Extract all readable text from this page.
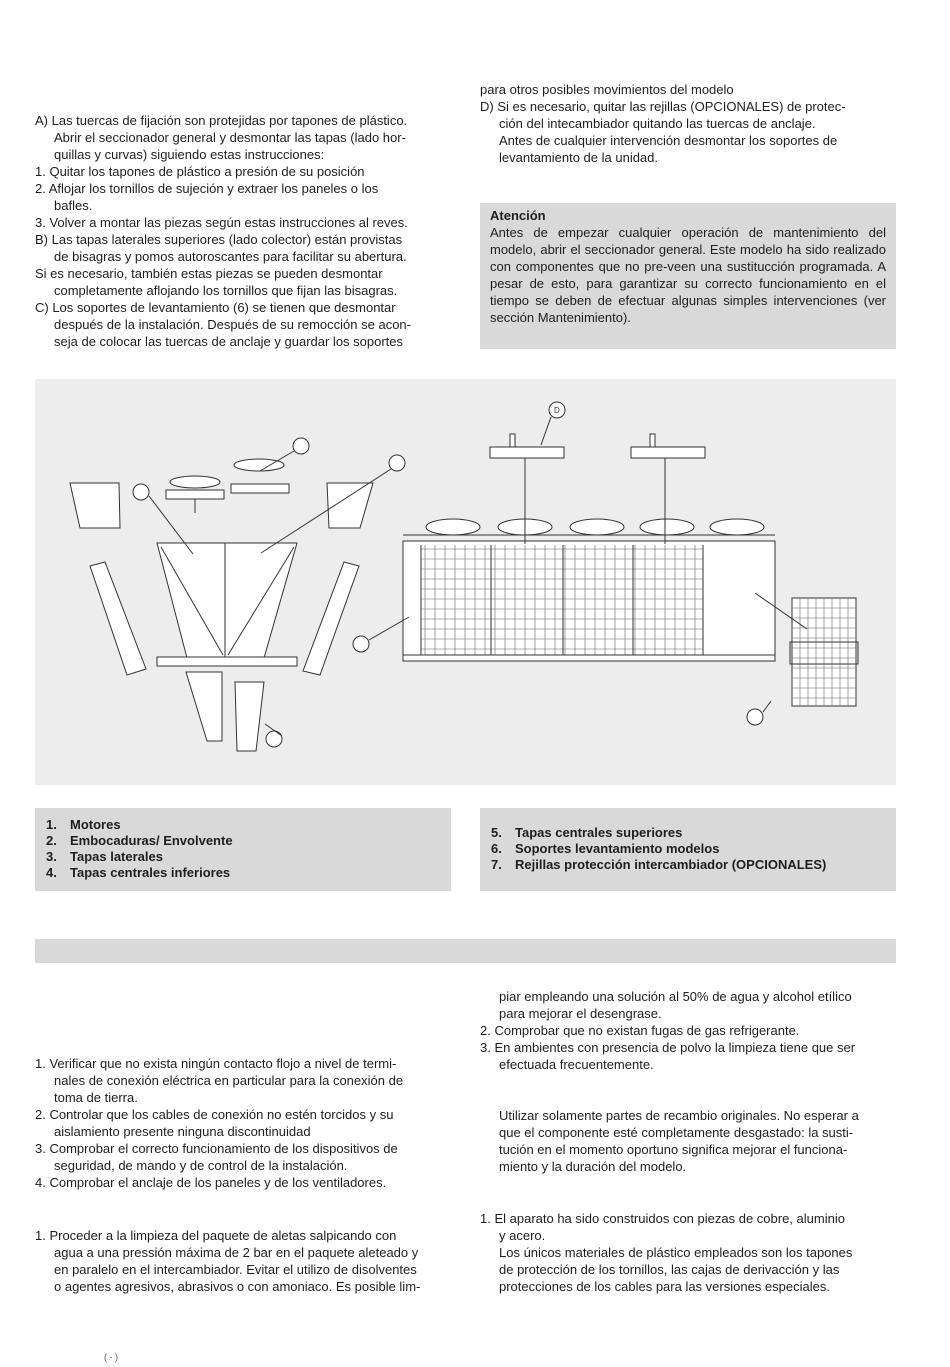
A) Las tuercas de fijación son protejidas por tapones de plástico.

Abrir el seccionador general y desmontar las tapas (lado hor-

quillas y curvas) siguiendo estas instrucciones:

1. Quitar los tapones de plástico a presión de su posición

2. Aflojar los tornillos de sujeción y extraer los paneles o los

bafles.

3. Volver a montar las piezas según estas instrucciones al reves.

B) Las tapas laterales superiores (lado colector) están provistas

de bisagras y pomos autoroscantes para facilitar su abertura.

Si es necesario, también estas piezas se pueden desmontar

completamente aflojando los tornillos que fijan las bisagras.

C) Los soportes de levantamiento (6) se tienen que desmontar

después de la instalación. Después de su remocción se acon-

seja de colocar las tuercas de anclaje y guardar los soportes

para otros posibles movimientos del modelo

D) Si es necesario, quitar las rejillas (OPCIONALES) de protec-

ción del intecambiador quitando las tuercas de anclaje.

Antes de cualquier intervención desmontar los soportes de

levantamiento de la unidad.

Atención
Antes de empezar cualquier operación de mantenimiento del modelo, abrir el seccionador general. Este modelo ha sido realizado con componentes que no pre-veen una sustitucción programada. A pesar de esto, para garantizar su correcto funcionamiento en el tiempo se deben de efectuar algunas simples intervenciones (ver sección Mantenimiento).
D
1.	Motores
2.	Embocaduras/ Envolvente
3.	Tapas laterales
4.	Tapas centrales inferiores
5.	Tapas centrales superiores
6.	Soportes levantamiento modelos
7.	Rejillas protección intercambiador (OPCIONALES)

1. Verificar que no exista ningún contacto flojo a nivel de termi-

nales de conexión eléctrica en particular para la conexión de

toma de tierra.

2. Controlar que los cables de conexión no estén torcidos y su

aislamiento presente ninguna discontinuidad

3. Comprobar el correcto funcionamiento de los dispositivos de

seguridad, de mando y de control de la instalación.

4. Comprobar el anclaje de los paneles y de los ventiladores.

1. Proceder a la limpieza del paquete de aletas salpicando con

agua a una pressión máxima de 2 bar en el paquete aleteado y

en paralelo en el intercambiador. Evitar el utilizo de disolventes

o agentes agresivos, abrasivos o con amoniaco. Es posible lim-

piar empleando una solución al 50% de agua y alcohol etílico

para mejorar el desengrase.

2. Comprobar que no existan fugas de gas refrigerante.

3. En ambientes con presencia de polvo la limpieza tiene que ser

efectuada frecuentemente.

Utilizar solamente partes de recambio originales. No esperar a

que el componente esté completamente desgastado: la susti-

tución en el momento oportuno significa mejorar el funciona-

miento y la duración del modelo.

1. El aparato ha sido construidos con piezas de cobre, aluminio

y acero.

Los únicos materiales de plástico empleados son los tapones

de protección de los tornillos, las cajas de derivacción y las

protecciones de los cables para las versiones especiales.

( - )
